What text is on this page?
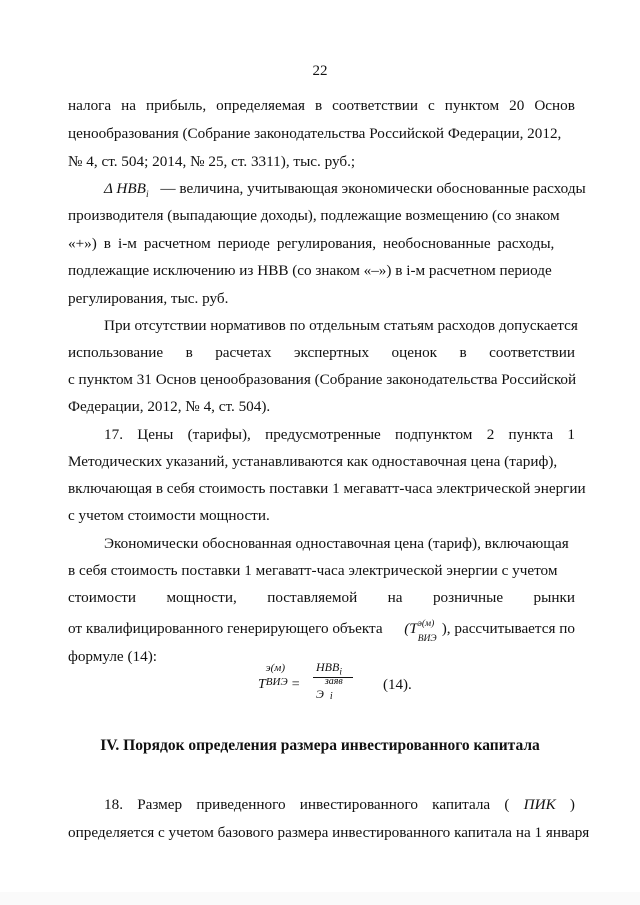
22
налога на прибыль, определяемая в соответствии с пунктом 20 Основ
ценообразования (Собрание законодательства Российской Федерации, 2012,
№ 4, ст. 504; 2014, № 25, ст. 3311), тыс. руб.;
Δ $НВВ_i$ — величина, учитывающая экономически обоснованные расходы
производителя (выпадающие доходы), подлежащие возмещению (со знаком
«+») в i-м расчетном периоде регулирования, необоснованные расходы,
подлежащие исключению из НВВ (со знаком «–») в i-м расчетном периоде
регулирования, тыс. руб.
При отсутствии нормативов по отдельным статьям расходов допускается
использование в расчетах экспертных оценок в соответствии
с пунктом 31 Основ ценообразования (Собрание законодательства Российской
Федерации, 2012, № 4, ст. 504).
17. Цены (тарифы), предусмотренные подпунктом 2 пункта 1
Методических указаний, устанавливаются как одноставочная цена (тариф),
включающая в себя стоимость поставки 1 мегаватт-часа электрической энергии
с учетом стоимости мощности.
Экономически обоснованная одноставочная цена (тариф), включающая
в себя стоимость поставки 1 мегаватт-часа электрической энергии с учетом
стоимости мощности, поставляемой на розничные рынки
от квалифицированного генерирующего объекта (T э(м)
ВИЭ
), рассчитывается по
формуле (14):
T
э(м)
ВИЭ =
$НВВ_i$
Э
заяв
i
(14).
IV. Порядок определения размера инвестированного капитала
18. Размер приведенного инвестированного капитала ( ПИК )
определяется с учетом базового размера инвестированного капитала на 1 января
